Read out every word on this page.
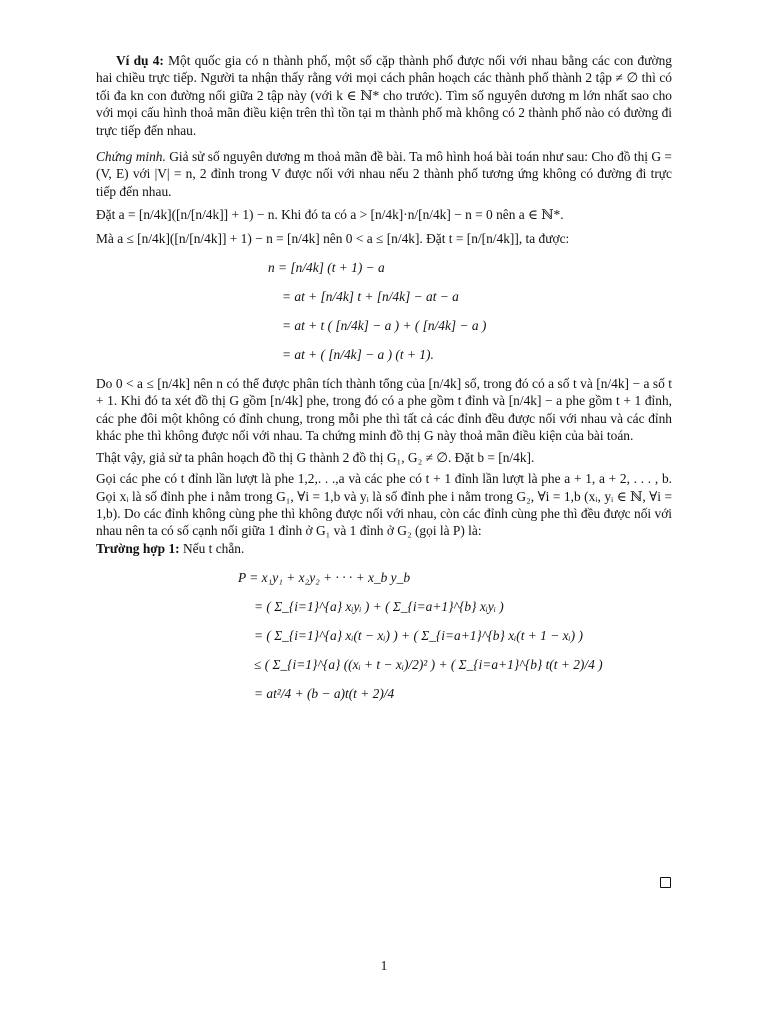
Ví dụ 4: Một quốc gia có n thành phố, một số cặp thành phố được nối với nhau bằng các con đường hai chiều trực tiếp. Người ta nhận thấy rằng với mọi cách phân hoạch các thành phố thành 2 tập ≠ ∅ thì có tối đa kn con đường nối giữa 2 tập này (với k ∈ ℕ* cho trước). Tìm số nguyên dương m lớn nhất sao cho với mọi cấu hình thoả mãn điều kiện trên thì tồn tại m thành phố mà không có 2 thành phố nào có đường đi trực tiếp đến nhau.

Chứng minh. Giả sử số nguyên dương m thoả mãn đề bài. Ta mô hình hoá bài toán như sau: Cho đồ thị G = (V, E) với |V| = n, 2 đỉnh trong V được nối với nhau nếu 2 thành phố tương ứng không có đường đi trực tiếp đến nhau.

Đặt a = [n/4k]([n/[n/4k]] + 1) − n. Khi đó ta có a > [n/4k]·n/[n/4k] − n = 0 nên a ∈ ℕ*.

Mà a ≤ [n/4k]([n/[n/4k]] + 1) − n = [n/4k] nên 0 < a ≤ [n/4k]. Đặt t = [n/[n/4k]], ta được:

n = [n/4k] (t + 1) − a
= at + [n/4k] t + [n/4k] − at − a
= at + t ( [n/4k] − a ) + ( [n/4k] − a )
= at + ( [n/4k] − a ) (t + 1).

Do 0 < a ≤ [n/4k] nên n có thể được phân tích thành tổng của [n/4k] số, trong đó có a số t và [n/4k] − a số t + 1. Khi đó ta xét đồ thị G gồm [n/4k] phe, trong đó có a phe gồm t đỉnh và [n/4k] − a phe gồm t + 1 đỉnh, các phe đôi một không có đỉnh chung, trong mỗi phe thì tất cả các đỉnh đều được nối với nhau và các đỉnh khác phe thì không được nối với nhau. Ta chứng minh đồ thị G này thoả mãn điều kiện của bài toán.

Thật vậy, giả sử ta phân hoạch đồ thị G thành 2 đồ thị G₁, G₂ ≠ ∅. Đặt b = [n/4k].

Gọi các phe có t đỉnh lần lượt là phe 1,2,. . .,a và các phe có t + 1 đỉnh lần lượt là phe a + 1, a + 2, . . . , b. Gọi xᵢ là số đỉnh phe i nằm trong G₁, ∀i = 1,b và yᵢ là số đỉnh phe i nằm trong G₂, ∀i = 1,b (xᵢ, yᵢ ∈ ℕ, ∀i = 1,b). Do các đỉnh không cùng phe thì không được nối với nhau, còn các đỉnh cùng phe thì đều được nối với nhau nên ta có số cạnh nối giữa 1 đỉnh ở G₁ và 1 đỉnh ở G₂ (gọi là P) là:

Trường hợp 1: Nếu t chẵn.

P = x₁y₁ + x₂y₂ + · · · + x_b y_b
= ( Σ_{i=1}^{a} xᵢyᵢ ) + ( Σ_{i=a+1}^{b} xᵢyᵢ )
= ( Σ_{i=1}^{a} xᵢ(t − xᵢ) ) + ( Σ_{i=a+1}^{b} xᵢ(t + 1 − xᵢ) )
≤ ( Σ_{i=1}^{a} ((xᵢ + t − xᵢ)/2)² ) + ( Σ_{i=a+1}^{b} t(t + 2)/4 )
= at²/4 + (b − a)t(t + 2)/4
1
